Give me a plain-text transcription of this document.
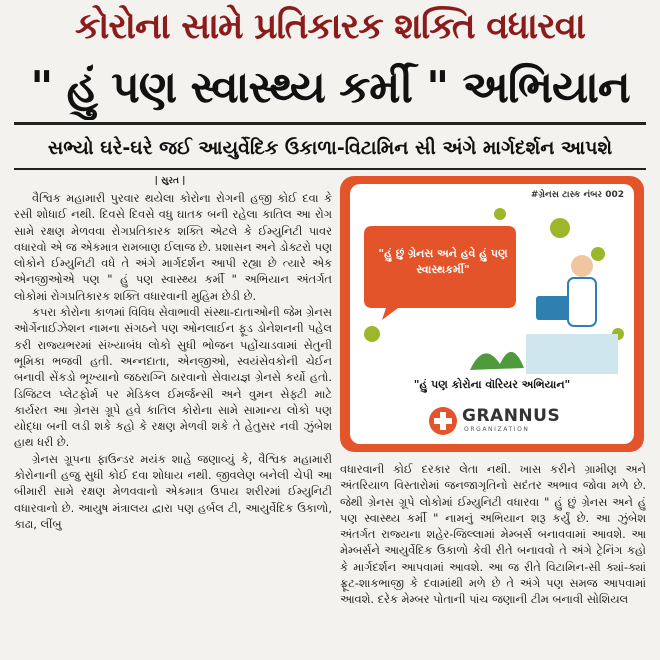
કોરોના સામે પ્રતિકારક શક્તિ વધારવા
" હું પણ સ્વાસ્થ્ય કર્મી " અભિયાન
સભ્યો ઘરે-ઘરે જઈ આયુર્વેદિક ઉકાળા-વિટામિન સી અંગે માર્ગદર્શન આપશે
| સુરત |

વૈશ્વિક મહામારી પુરવાર થયેલા કોરોના રોગની હજી કોઈ દવા કે રસી શોધાઈ નથી. દિવસે દિવસે વધુ ઘાતક બની રહેલા કાતિલ આ રોગ સામે રક્ષણ મેળવવા રોગપ્રતિકારક શક્તિ એટલે કે ઈમ્યુનિટી પાવર વધારવો એ જ એકમાત્ર રામબાણ ઈલાજ છે. પ્રશાસન અને ડોક્ટરો પણ લોકોને ઈમ્યુનિટી વધે તે અંગે માર્ગદર્શન આપી રહ્યા છે ત્યારે એક એનજીઓએ પણ " હું પણ સ્વાસ્થ્ય કર્મી " અભિયાન અંતર્ગત લોકોમાં રોગપ્રતિકારક શક્તિ વધારવાની મુહિમ છેડી છે.

કપરા કોરોના કાળમાં વિવિધ સેવાભાવી સંસ્થા-દાતાઓની જેમ ગ્રેનસ ઓર્ગેનાઈઝેશન નામના સંગઠને પણ ઓનલાઈન ફૂડ ડોનેશનની પહેલ કરી રાજ્યભરમાં સંખ્યાબંધ લોકો સુધી ભોજન પહોંચાડવામાં સેતુની ભૂમિકા ભજવી હતી. અન્નદાતા, એનજીઓ, સ્વયંસેવકોની ચેઈન બનાવી સેંકડો ભૂખ્યાનો જઠરાગ્નિ ઠારવાનો સેવાયજ્ઞ ગ્રેનસે કર્યો હતો. ડિજિટલ પ્લેટફોર્મ પર મેડિકલ ઈમર્જન્સી અને વુમન સેફ્ટી માટે કાર્યરત આ ગ્રેનસ ગ્રૂપે હવે કાતિલ કોરોના સામે સામાન્ય લોકો પણ યોદ્ધા બની લડી શકે કહો કે રક્ષણ મેળવી શકે તે હેતુસર નવી ઝુંબેશ હાથ ધરી છે.

ગ્રેનસ ગ્રૂપના ફાઉન્ડર મયંક શાહે જણાવ્યું કે, વૈશ્વિક મહામારી કોરોનાની હજુ સુધી કોઈ દવા શોધાય નથી. જીવલેણ બનેલી ચેપી આ બીમારી સામે રક્ષણ મેળવવાનો એકમાત્ર ઉપાય શરીરમાં ઈમ્યુનિટી વધારવાનો છે. આયુષ મંત્રાલય દ્વારા પણ હર્બલ ટી, આયુર્વેદિક ઉકાળો, કાઢા, લીંબુ

#ગ્રેનસ ટાસ્ક નંબર 002
"હું છું ગ્રેનસ અને હવે હું પણ સ્વાસ્થકર્મી"
"હું પણ કોરોના વૉરિયર અભિયાન"
GRANNUS
ORGANIZATION

વધારવાની કોઈ દરકાર લેતા નથી. ખાસ કરીને ગ્રામીણ અને અંતરિયાળ વિસ્તારોમાં જનજાગૃતિનો સદંતર અભાવ જોવા મળે છે. જેથી ગ્રેનસ ગ્રૂપે લોકોમાં ઈમ્યુનિટી વધારવા " હું છું ગ્રેનસ અને હું પણ સ્વાસ્થ્ય કર્મી " નામનું અભિયાન શરૂ કર્યું છે. આ ઝુંબેશ અંતર્ગત રાજ્યના શહેર-જિલ્લામાં મેમ્બર્સ બનાવવામાં આવશે. આ મેમ્બર્સને આયુર્વેદિક ઉકાળો કેવી રીતે બનાવવો તે અંગે ટ્રેનિંગ કહો કે માર્ગદર્શન આપવામાં આવશે. આ જ રીતે વિટામિન-સી ક્યાં-ક્યાં ફ્રૂટ-શાકભાજી કે દવામાંથી મળે છે તે અંગે પણ સમજ આપવામાં આવશે. દરેક મેમ્બર પોતાની પાંચ જણાની ટીમ બનાવી સોશિયલ
